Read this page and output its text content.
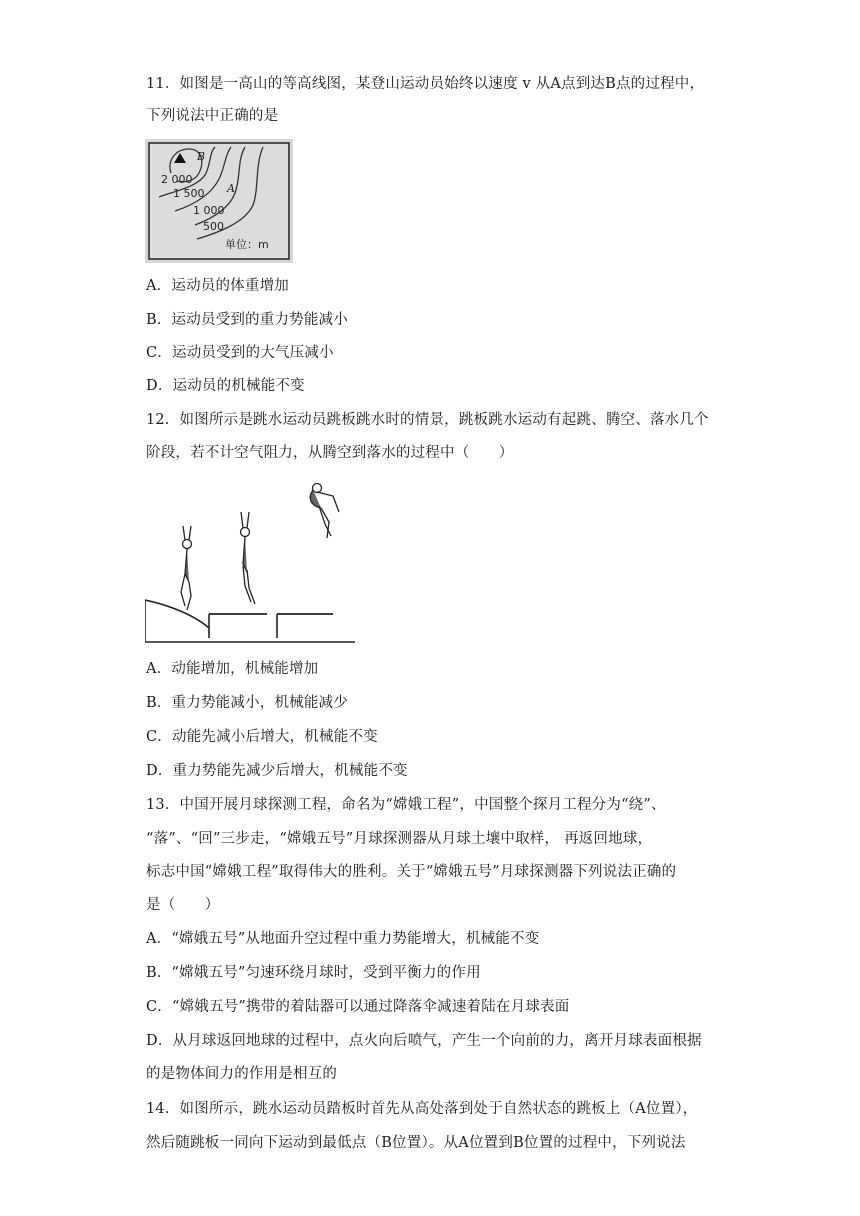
11．如图是一高山的等高线图，某登山运动员始终以速度 v 从A点到达B点的过程中，
下列说法中正确的是
B
A
2 000
1 500
1 000
500
单位：m
A．运动员的体重增加
B．运动员受到的重力势能减小
C．运动员受到的大气压减小
D．运动员的机械能不变
12．如图所示是跳水运动员跳板跳水时的情景，跳板跳水运动有起跳、腾空、落水几个
阶段，若不计空气阻力，从腾空到落水的过程中（　　）
A．动能增加，机械能增加
B．重力势能减小，机械能减少
C．动能先减小后增大，机械能不变
D．重力势能先减少后增大，机械能不变
13．中国开展月球探测工程，命名为“嫦娥工程”，中国整个探月工程分为“绕”、
“落”、“回”三步走，“嫦娥五号”月球探测器从月球土壤中取样， 再返回地球，
标志中国“嫦娥工程”取得伟大的胜利。关于“嫦娥五号”月球探测器下列说法正确的
是（　　）
A．“嫦娥五号”从地面升空过程中重力势能增大，机械能不变
B．“嫦娥五号”匀速环绕月球时，受到平衡力的作用
C．“嫦娥五号”携带的着陆器可以通过降落伞减速着陆在月球表面
D．从月球返回地球的过程中，点火向后喷气，产生一个向前的力，离开月球表面根据
的是物体间力的作用是相互的
14．如图所示，跳水运动员踏板时首先从高处落到处于自然状态的跳板上（A位置），
然后随跳板一同向下运动到最低点（B位置）。从A位置到B位置的过程中，下列说法
